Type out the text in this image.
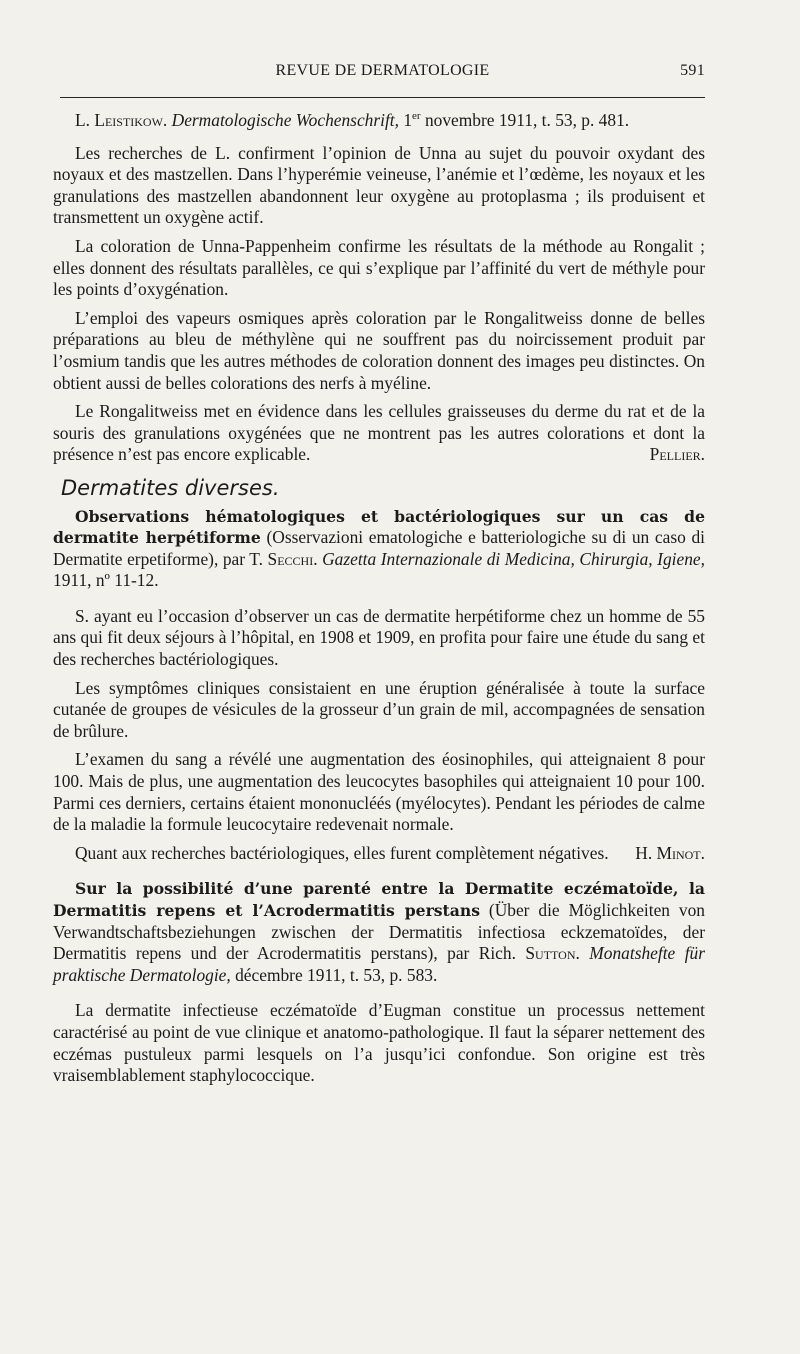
REVUE DE DERMATOLOGIE	591

L. Leistikow. Dermatologische Wochenschrift, 1er novembre 1911, t. 53, p. 481.

Les recherches de L. confirment l’opinion de Unna au sujet du pouvoir oxydant des noyaux et des mastzellen. Dans l’hyperémie veineuse, l’anémie et l’œdème, les noyaux et les granulations des mastzellen abandonnent leur oxygène au protoplasma ; ils produisent et transmettent un oxygène actif.

La coloration de Unna-Pappenheim confirme les résultats de la méthode au Rongalit ; elles donnent des résultats parallèles, ce qui s’explique par l’affinité du vert de méthyle pour les points d’oxygénation.

L’emploi des vapeurs osmiques après coloration par le Rongalitweiss donne de belles préparations au bleu de méthylène qui ne souffrent pas du noircissement produit par l’osmium tandis que les autres méthodes de coloration donnent des images peu distinctes. On obtient aussi de belles colorations des nerfs à myéline.

Le Rongalitweiss met en évidence dans les cellules graisseuses du derme du rat et de la souris des granulations oxygénées que ne montrent pas les autres colorations et dont la présence n’est pas encore explicable.	Pellier.

Dermatites diverses.

Observations hématologiques et bactériologiques sur un cas de dermatite herpétiforme (Osservazioni ematologiche e batteriologiche su di un caso di Dermatite erpetiforme), par T. Secchi. Gazetta Internazionale di Medicina, Chirurgia, Igiene, 1911, nº 11-12.

S. ayant eu l’occasion d’observer un cas de dermatite herpétiforme chez un homme de 55 ans qui fit deux séjours à l’hôpital, en 1908 et 1909, en profita pour faire une étude du sang et des recherches bactériologiques.

Les symptômes cliniques consistaient en une éruption généralisée à toute la surface cutanée de groupes de vésicules de la grosseur d’un grain de mil, accompagnées de sensation de brûlure.

L’examen du sang a révélé une augmentation des éosinophiles, qui atteignaient 8 pour 100. Mais de plus, une augmentation des leucocytes basophiles qui atteignaient 10 pour 100. Parmi ces derniers, certains étaient mononucléés (myélocytes). Pendant les périodes de calme de la maladie la formule leucocytaire redevenait normale.

Quant aux recherches bactériologiques, elles furent complètement négatives.	H. Minot.

Sur la possibilité d’une parenté entre la Dermatite eczématoïde, la Dermatitis repens et l’Acrodermatitis perstans (Über die Möglichkeiten von Verwandtschaftsbeziehungen zwischen der Dermatitis infectiosa eckzematoïdes, der Dermatitis repens und der Acrodermatitis perstans), par Rich. Sutton. Monatshefte für praktische Dermatologie, décembre 1911, t. 53, p. 583.

La dermatite infectieuse eczématoïde d’Eugman constitue un processus nettement caractérisé au point de vue clinique et anatomo-pathologique. Il faut la séparer nettement des eczémas pustuleux parmi lesquels on l’a jusqu’ici confondue. Son origine est très vraisemblablement staphylococcique.
